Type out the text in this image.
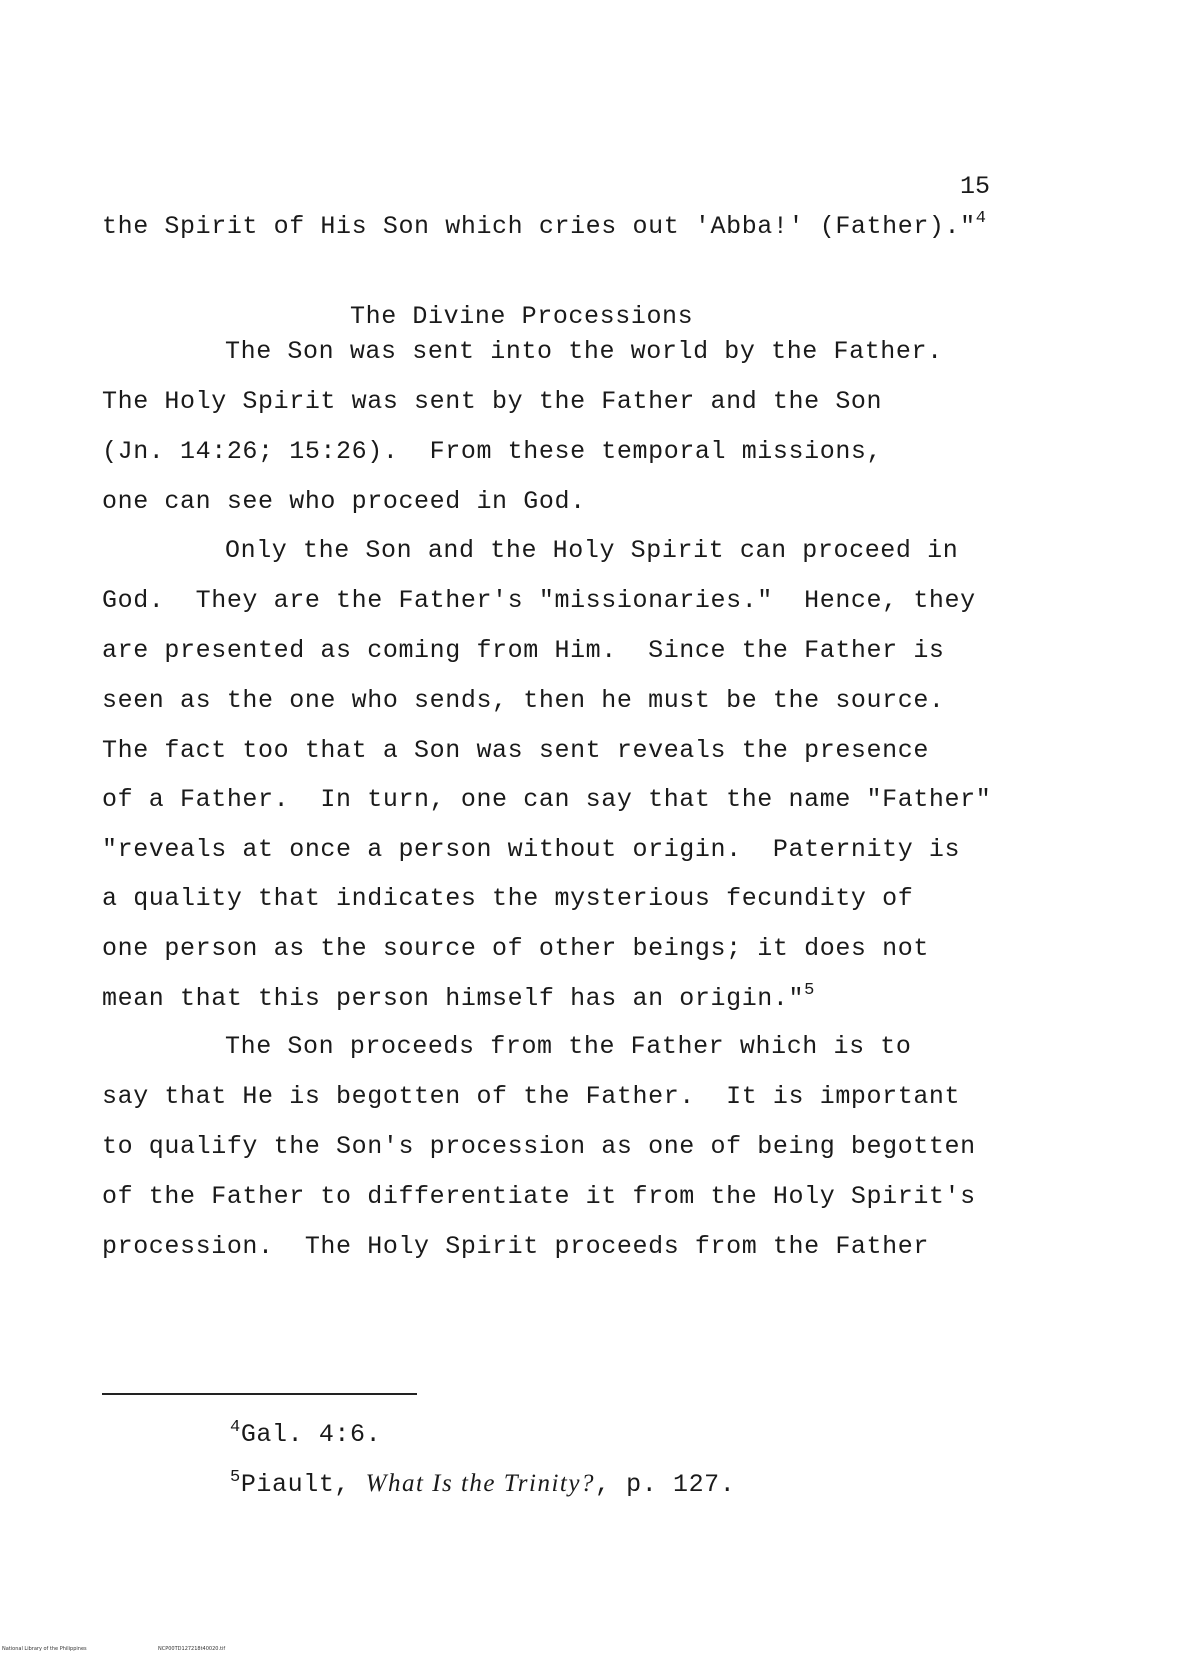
15
the Spirit of His Son which cries out 'Abba!' (Father)."$^4$
The Divine Processions
The Son was sent into the world by the Father.
The Holy Spirit was sent by the Father and the Son
(Jn. 14:26; 15:26).  From these temporal missions,
one can see who proceed in God.
Only the Son and the Holy Spirit can proceed in
God.  They are the Father's "missionaries."  Hence, they
are presented as coming from Him.  Since the Father is
seen as the one who sends, then he must be the source.
The fact too that a Son was sent reveals the presence
of a Father.  In turn, one can say that the name "Father"
"reveals at once a person without origin.  Paternity is
a quality that indicates the mysterious fecundity of
one person as the source of other beings; it does not
mean that this person himself has an origin."$^5$
The Son proceeds from the Father which is to
say that He is begotten of the Father.  It is important
to qualify the Son's procession as one of being begotten
of the Father to differentiate it from the Holy Spirit's
procession.  The Holy Spirit proceeds from the Father
$^4$Gal. 4:6.
$^5$Piault, What Is the Trinity?, p. 127.
National Library of the Philippines	NCP00TD127218t40020.tif
